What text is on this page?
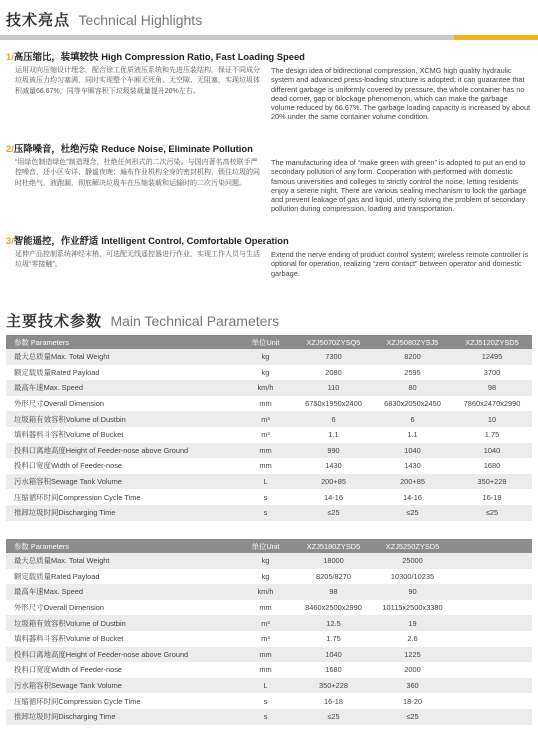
技术亮点 Technical Highlights
1/高压缩比，装填较快 High Compression Ratio, Fast Loading Speed
运用双向压缩设计理念，配合徐工优质液压系统和先进压装结构，保证不同成分垃圾被压力均匀塞满，同时实现整个车厢无死角、无空隙、无阻塞，实现垃圾体积减量66.67%，同等车厢容积下垃圾装载量提升20%左右。
The design idea of bidirectional compression, XCMG high quality hydraulic system and advanced press-loading structure is adopted; it can guarantee that different garbage is uniformly covered by pressure, the whole container has no dead corner, gap or blockage phenomenon, which can make the garbage volume reduced by 66.67%. The garbage loading capacity is increased by about 20% under the same container volume condition.
2/压降噪音，杜绝污染 Reduce Noise, Eliminate Pollution
“用绿色制造绿色”制造理念，杜绝任何形式的二次污染。与国内著名高校联手严控噪音，还小区安详、静谧夜晚；遍布作业机构全身的密封机构，锁住垃圾的同时杜绝气、液跑漏，彻底解决垃圾车在压缩装载和运输时的二次污染问题。
The manufacturing idea of “make green with green” is adopted to put an end to secondary pollution of any form. Cooperation with performed with domestic famous universities and colleges to strictly control the noise, letting residents enjoy a serene night. There are various sealing mechanism to lock the garbage and prevent leakage of gas and liquid, utterly solving the problem of secondary pollution during compression, loading and transportation.
3/智能遥控，作业舒适 Intelligent Control, Comfortable Operation
延伸产品控制系统神经末梢，可选配无线遥控器进行作业，实现工作人员与生活垃圾“零接触”。
Extend the nerve ending of product control system; wireless remote controller is optional for operation, realizing “zero contact” between operator and domestic garbage.
主要技术参数 Main Technical Parameters
参数 Parameters	单位Unit	XZJ5070ZYSQ5	XZJ5080ZYSJ5	XZJ5120ZYSD5
最大总质量Max. Total Weight	kg	7300	8200	12495
额定载质量Rated Payload	kg	2080	2595	3700
最高车速Max. Speed	km/h	110	80	98
外形尺寸Overall Dimension	mm	6750x1950x2400	6830x2050x2450	7860x2470x2990
垃圾箱有效容积Volume of Dustbin	m³	6	6	10
填料器料斗容积Volume of Bucket	m³	1.1	1.1	1.75
投料口离地高度Height of Feeder-nose above Ground	mm	990	1040	1040
投料口宽度Width of Feeder-nose	mm	1430	1430	1680
污水箱容积Sewage Tank Volume	L	200+85	200+85	350+228
压缩循环时间Compression Cycle Time	s	14-16	14-16	16-18
推卸垃圾时间Discharging Time	s	≤25	≤25	≤25
参数 Parameters	单位Unit	XZJ5180ZYSD5	XZJ5250ZYSD5	
最大总质量Max. Total Weight	kg	18000	25000	
额定载质量Rated Payload	kg	8205/8270	10300/10235	
最高车速Max. Speed	km/h	98	90	
外形尺寸Overall Dimension	mm	8460x2500x2990	10115x2500x3380	
垃圾箱有效容积Volume of Dustbin	m³	12.5	19	
填料器料斗容积Volume of Bucket	m³	1.75	2.6	
投料口离地高度Height of Feeder-nose above Ground	mm	1040	1225	
投料口宽度Width of Feeder-nose	mm	1680	2000	
污水箱容积Sewage Tank Volume	L	350+228	360	
压缩循环时间Compression Cycle Time	s	16-18	18-20	
推卸垃圾时间Discharging Time	s	≤25	≤25	
